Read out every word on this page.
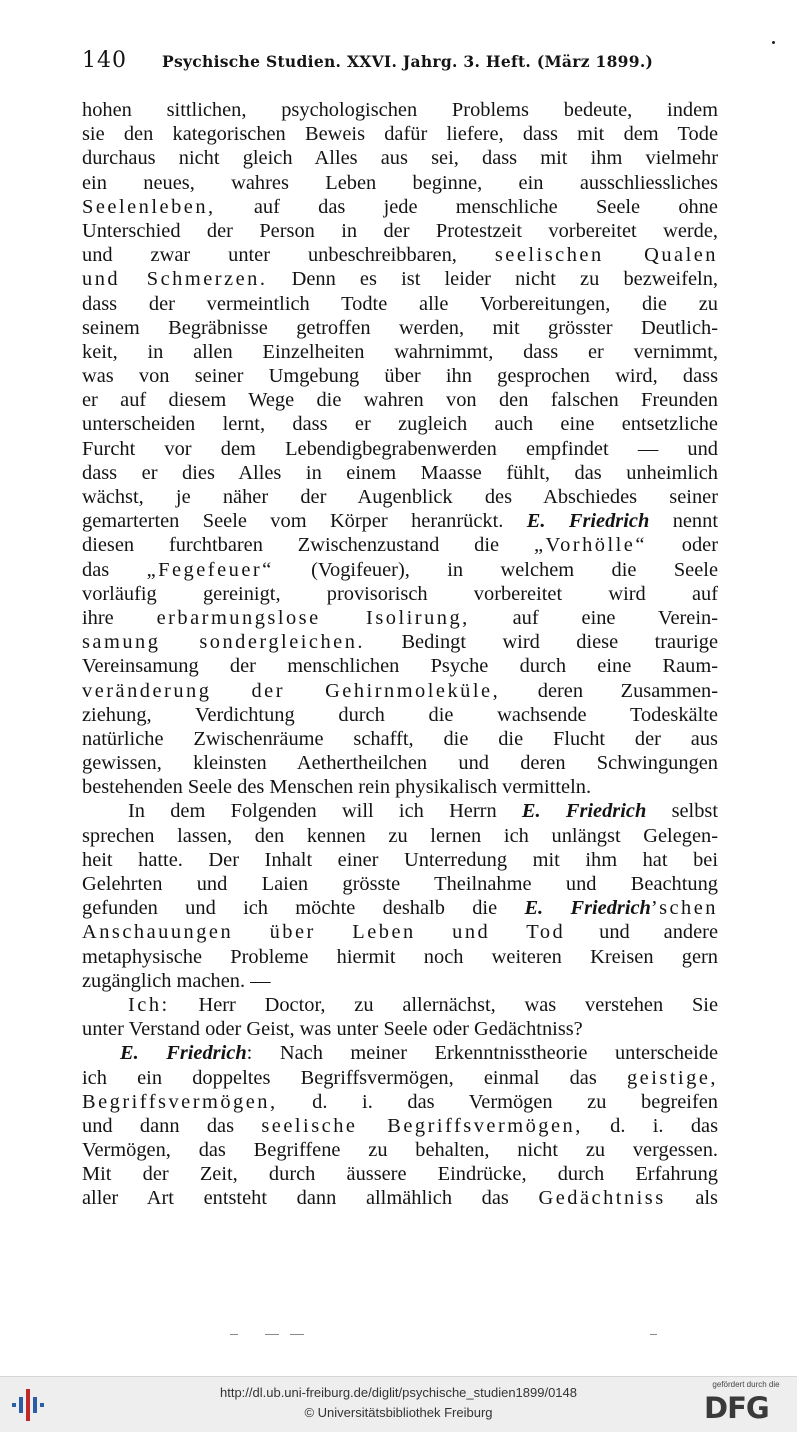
140 Psychische Studien. XXVI. Jahrg. 3. Heft. (März 1899.)
hohen sittlichen, psychologischen Problems bedeute, indem
sie den kategorischen Beweis dafür liefere, dass mit dem Tode
durchaus nicht gleich Alles aus sei, dass mit ihm vielmehr
ein neues, wahres Leben beginne, ein ausschliessliches
Seelenleben, auf das jede menschliche Seele ohne
Unterschied der Person in der Protestzeit vorbereitet werde,
und zwar unter unbeschreibbaren, seelischen Qualen
und Schmerzen. Denn es ist leider nicht zu bezweifeln,
dass der vermeintlich Todte alle Vorbereitungen, die zu
seinem Begräbnisse getroffen werden, mit grösster Deutlich-
keit, in allen Einzelheiten wahrnimmt, dass er vernimmt,
was von seiner Umgebung über ihn gesprochen wird, dass
er auf diesem Wege die wahren von den falschen Freunden
unterscheiden lernt, dass er zugleich auch eine entsetzliche
Furcht vor dem Lebendigbegrabenwerden empfindet — und
dass er dies Alles in einem Maasse fühlt, das unheimlich
wächst, je näher der Augenblick des Abschiedes seiner
gemarterten Seele vom Körper heranrückt. E. Friedrich nennt
diesen furchtbaren Zwischenzustand die „Vorhölle“ oder
das „Fegefeuer“ (Vogifeuer), in welchem die Seele
vorläufig gereinigt, provisorisch vorbereitet wird auf
ihre erbarmungslose Isolirung, auf eine Verein-
samung sondergleichen. Bedingt wird diese traurige
Vereinsamung der menschlichen Psyche durch eine Raum-
veränderung der Gehirnmoleküle, deren Zusammen-
ziehung, Verdichtung durch die wachsende Todeskälte
natürliche Zwischenräume schafft, die die Flucht der aus
gewissen, kleinsten Aethertheilchen und deren Schwingungen
bestehenden Seele des Menschen rein physikalisch vermitteln.
In dem Folgenden will ich Herrn E. Friedrich selbst
sprechen lassen, den kennen zu lernen ich unlängst Gelegen-
heit hatte. Der Inhalt einer Unterredung mit ihm hat bei
Gelehrten und Laien grösste Theilnahme und Beachtung
gefunden und ich möchte deshalb die E. Friedrich’schen
Anschauungen über Leben und Tod und andere
metaphysische Probleme hiermit noch weiteren Kreisen gern
zugänglich machen. —
Ich: Herr Doctor, zu allernächst, was verstehen Sie
unter Verstand oder Geist, was unter Seele oder Gedächtniss?
E. Friedrich: Nach meiner Erkenntnisstheorie unterscheide
ich ein doppeltes Begriffsvermögen, einmal das geistige,
Begriffsvermögen, d. i. das Vermögen zu begreifen
und dann das seelische Begriffsvermögen, d. i. das
Vermögen, das Begriffene zu behalten, nicht zu vergessen.
Mit der Zeit, durch äussere Eindrücke, durch Erfahrung
aller Art entsteht dann allmählich das Gedächtniss als
http://dl.ub.uni-freiburg.de/diglit/psychische_studien1899/0148
© Universitätsbibliothek Freiburg
gefördert durch die
DFG
